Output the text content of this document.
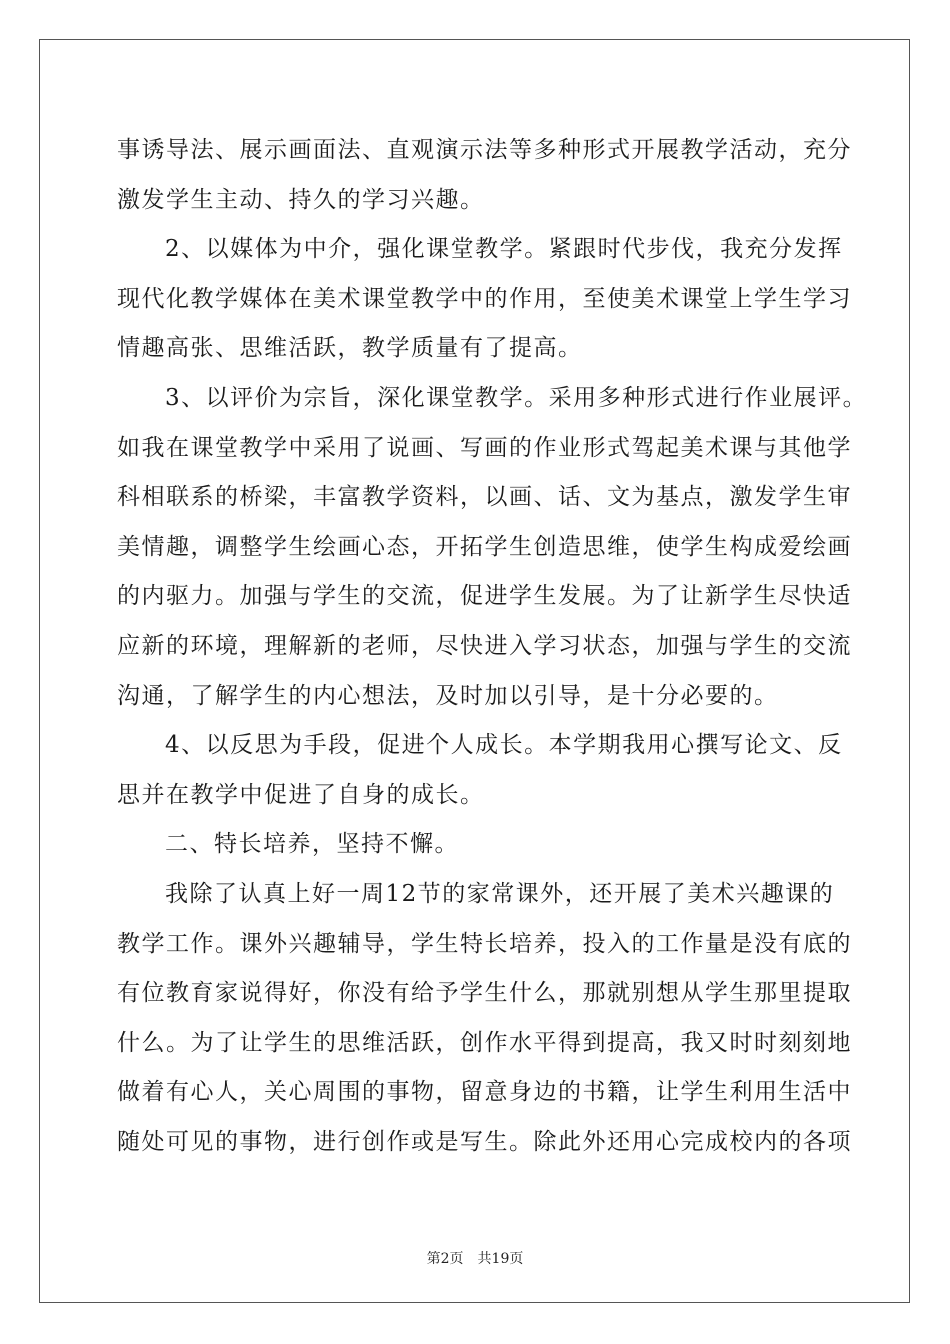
事诱导法、展示画面法、直观演示法等多种形式开展教学活动，充分
激发学生主动、持久的学习兴趣。
2、以媒体为中介，强化课堂教学。紧跟时代步伐，我充分发挥
现代化教学媒体在美术课堂教学中的作用，至使美术课堂上学生学习
情趣高张、思维活跃，教学质量有了提高。
3、以评价为宗旨，深化课堂教学。采用多种形式进行作业展评。
如我在课堂教学中采用了说画、写画的作业形式驾起美术课与其他学
科相联系的桥梁，丰富教学资料，以画、话、文为基点，激发学生审
美情趣，调整学生绘画心态，开拓学生创造思维，使学生构成爱绘画
的内驱力。加强与学生的交流，促进学生发展。为了让新学生尽快适
应新的环境，理解新的老师，尽快进入学习状态，加强与学生的交流
沟通，了解学生的内心想法，及时加以引导，是十分必要的。
4、以反思为手段，促进个人成长。本学期我用心撰写论文、反
思并在教学中促进了自身的成长。
二、特长培养，坚持不懈。
我除了认真上好一周12节的家常课外，还开展了美术兴趣课的
教学工作。课外兴趣辅导，学生特长培养，投入的工作量是没有底的
有位教育家说得好，你没有给予学生什么，那就别想从学生那里提取
什么。为了让学生的思维活跃，创作水平得到提高，我又时时刻刻地
做着有心人，关心周围的事物，留意身边的书籍，让学生利用生活中
随处可见的事物，进行创作或是写生。除此外还用心完成校内的各项
第2页 共19页
